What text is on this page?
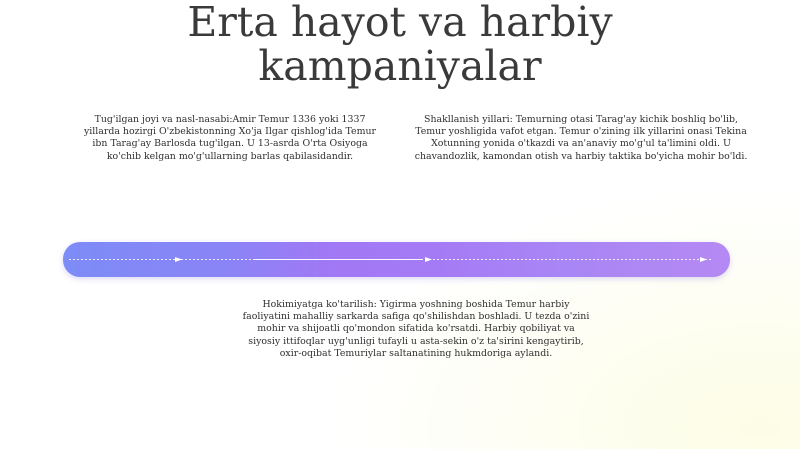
Erta hayot va harbiy
kampaniyalar
Tug'ilgan joyi va nasl-nasabi:Amir Temur 1336 yoki 1337 yillarda hozirgi O'zbekistonning Xo'ja Ilgar qishlog'ida Temur ibn Tarag'ay Barlosda tug'ilgan. U 13-asrda O'rta Osiyoga ko'chib kelgan mo'g'ullarning barlas qabilasidandir.
Shakllanish yillari: Temurning otasi Tarag'ay kichik boshliq bo'lib, Temur yoshligida vafot etgan. Temur o'zining ilk yillarini onasi Tekina Xotunning yonida o'tkazdi va an'anaviy mo'g'ul ta'limini oldi. U chavandozlik, kamondan otish va harbiy taktika bo'yicha mohir bo'ldi.
Hokimiyatga ko'tarilish: Yigirma yoshning boshida Temur harbiy faoliyatini mahalliy sarkarda safiga qo'shilishdan boshladi. U tezda o'zini mohir va shijoatli qo'mondon sifatida ko'rsatdi. Harbiy qobiliyat va siyosiy ittifoqlar uyg'unligi tufayli u asta-sekin o'z ta'sirini kengaytirib, oxir-oqibat Temuriylar saltanatining hukmdoriga aylandi.
